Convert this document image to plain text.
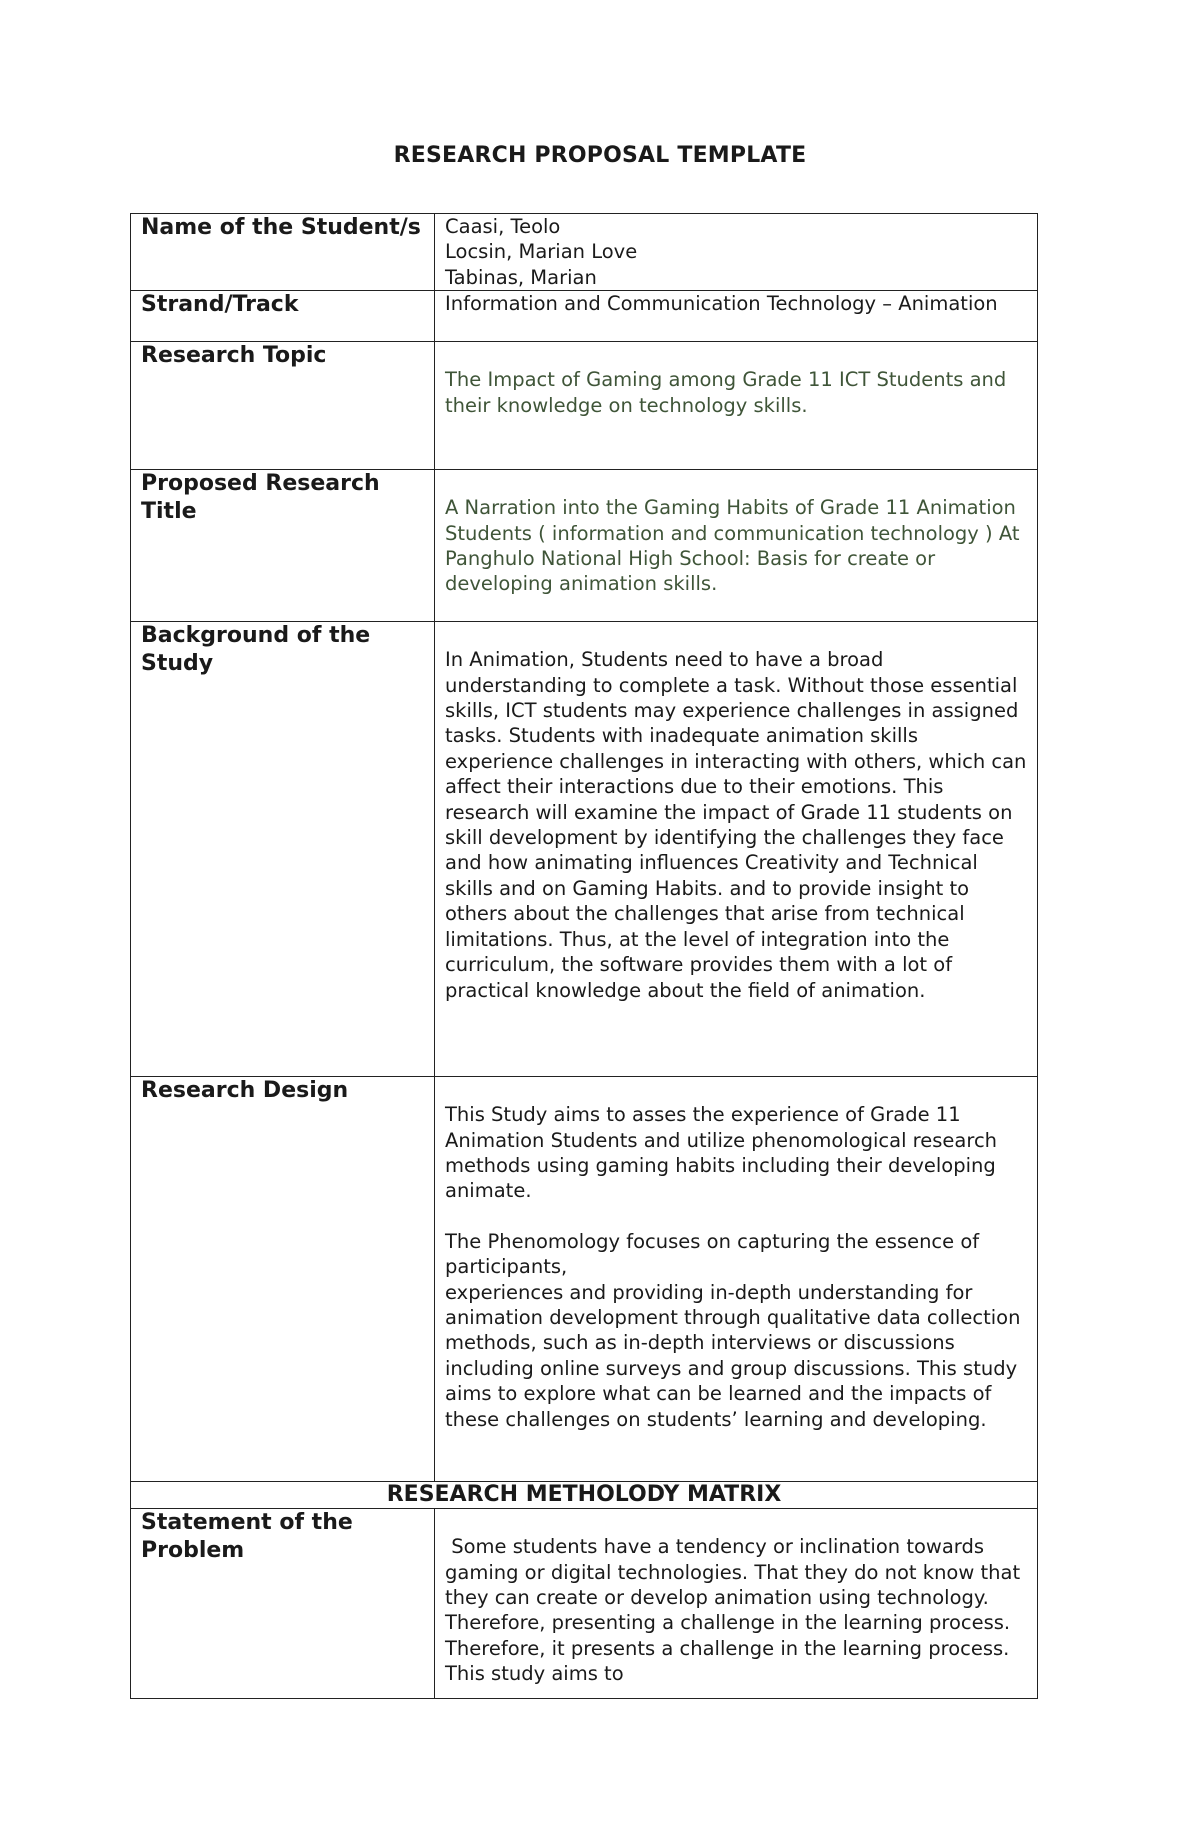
RESEARCH PROPOSAL TEMPLATE
Name of the Student/s	Caasi, Teolo

Locsin, Marian Love

Tabinas, Marian

Strand/Track	Information and Communication Technology – Animation

Research Topic	The Impact of Gaming among Grade 11 ICT Students and

their knowledge on technology skills.

Proposed Research Title	A Narration into the Gaming Habits of Grade 11 Animation Students ( information and communication technology ) At Panghulo National High School: Basis for create or developing animation skills.

Background of the Study	In Animation, Students need to have a broad understanding to complete a task. Without those essential skills, ICT students may experience challenges in assigned tasks. Students with inadequate animation skills experience challenges in interacting with others, which can affect their interactions due to their emotions. This research will examine the impact of Grade 11 students on skill development by identifying the challenges they face and how animating influences Creativity and Technical skills and on Gaming Habits. and to provide insight to others about the challenges that arise from technical limitations. Thus, at the level of integration into the curriculum, the software provides them with a lot of practical knowledge about the field of animation.

Research Design	This Study aims to asses the experience of Grade 11 Animation Students and utilize phenomological research methods using gaming habits including their developing animate.

The Phenomology focuses on capturing the essence of participants,

experiences and providing in-depth understanding for animation development through qualitative data collection methods, such as in-depth interviews or discussions including online surveys and group discussions. This study aims to explore what can be learned and the impacts of these challenges on students’ learning and developing.

RESEARCH METHOLODY MATRIX	

Statement of the Problem	Some students have a tendency or inclination towards gaming or digital technologies. That they do not know that they can create or develop animation using technology. Therefore, presenting a challenge in the learning process. Therefore, it presents a challenge in the learning process. This study aims to
